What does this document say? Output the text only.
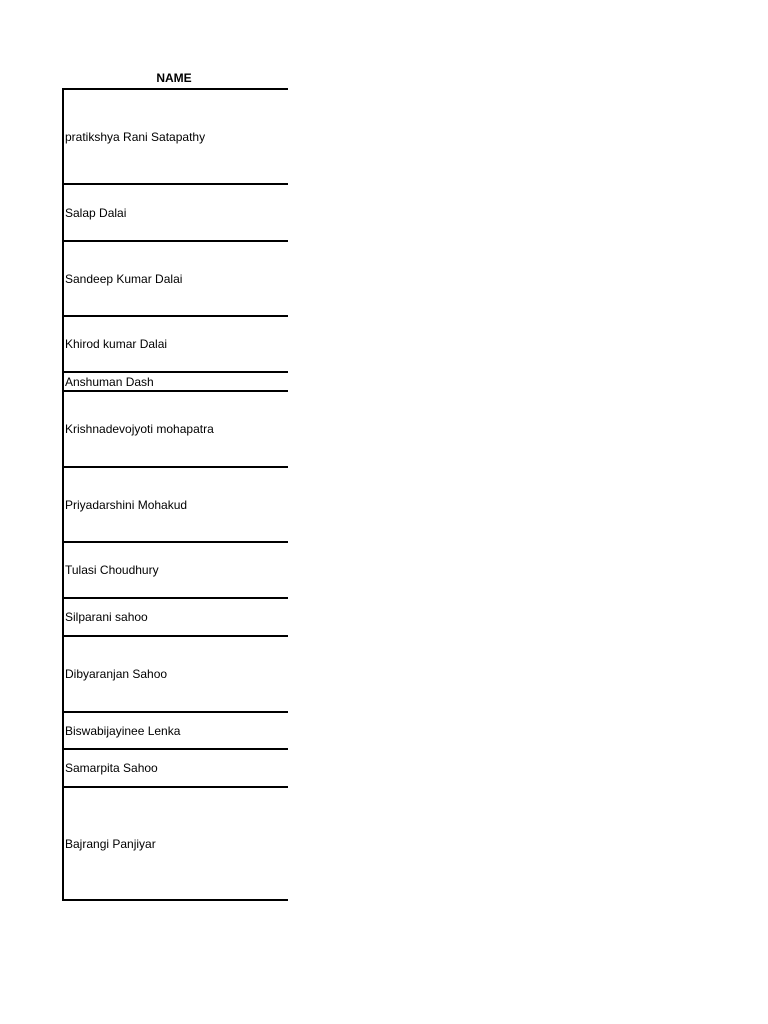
NAME
pratikshya Rani Satapathy
Salap Dalai
Sandeep Kumar Dalai
Khirod kumar Dalai
Anshuman Dash
Krishnadevojyoti mohapatra
Priyadarshini Mohakud
Tulasi Choudhury
Silparani sahoo
Dibyaranjan Sahoo
Biswabijayinee Lenka
Samarpita Sahoo
Bajrangi Panjiyar
